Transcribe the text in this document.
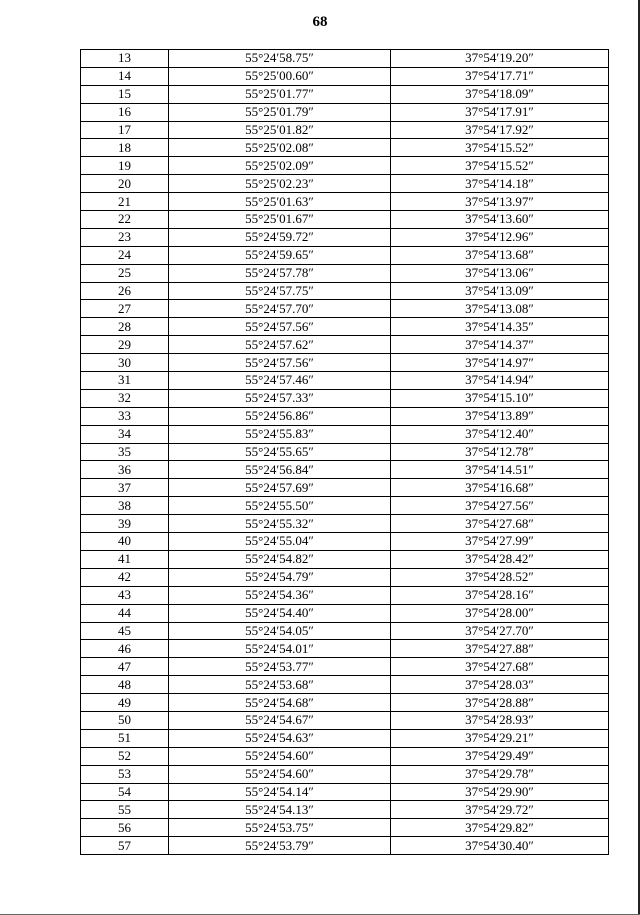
68
13	55°24′58.75″	37°54′19.20″
14	55°25′00.60″	37°54′17.71″
15	55°25′01.77″	37°54′18.09″
16	55°25′01.79″	37°54′17.91″
17	55°25′01.82″	37°54′17.92″
18	55°25′02.08″	37°54′15.52″
19	55°25′02.09″	37°54′15.52″
20	55°25′02.23″	37°54′14.18″
21	55°25′01.63″	37°54′13.97″
22	55°25′01.67″	37°54′13.60″
23	55°24′59.72″	37°54′12.96″
24	55°24′59.65″	37°54′13.68″
25	55°24′57.78″	37°54′13.06″
26	55°24′57.75″	37°54′13.09″
27	55°24′57.70″	37°54′13.08″
28	55°24′57.56″	37°54′14.35″
29	55°24′57.62″	37°54′14.37″
30	55°24′57.56″	37°54′14.97″
31	55°24′57.46″	37°54′14.94″
32	55°24′57.33″	37°54′15.10″
33	55°24′56.86″	37°54′13.89″
34	55°24′55.83″	37°54′12.40″
35	55°24′55.65″	37°54′12.78″
36	55°24′56.84″	37°54′14.51″
37	55°24′57.69″	37°54′16.68″
38	55°24′55.50″	37°54′27.56″
39	55°24′55.32″	37°54′27.68″
40	55°24′55.04″	37°54′27.99″
41	55°24′54.82″	37°54′28.42″
42	55°24′54.79″	37°54′28.52″
43	55°24′54.36″	37°54′28.16″
44	55°24′54.40″	37°54′28.00″
45	55°24′54.05″	37°54′27.70″
46	55°24′54.01″	37°54′27.88″
47	55°24′53.77″	37°54′27.68″
48	55°24′53.68″	37°54′28.03″
49	55°24′54.68″	37°54′28.88″
50	55°24′54.67″	37°54′28.93″
51	55°24′54.63″	37°54′29.21″
52	55°24′54.60″	37°54′29.49″
53	55°24′54.60″	37°54′29.78″
54	55°24′54.14″	37°54′29.90″
55	55°24′54.13″	37°54′29.72″
56	55°24′53.75″	37°54′29.82″
57	55°24′53.79″	37°54′30.40″
